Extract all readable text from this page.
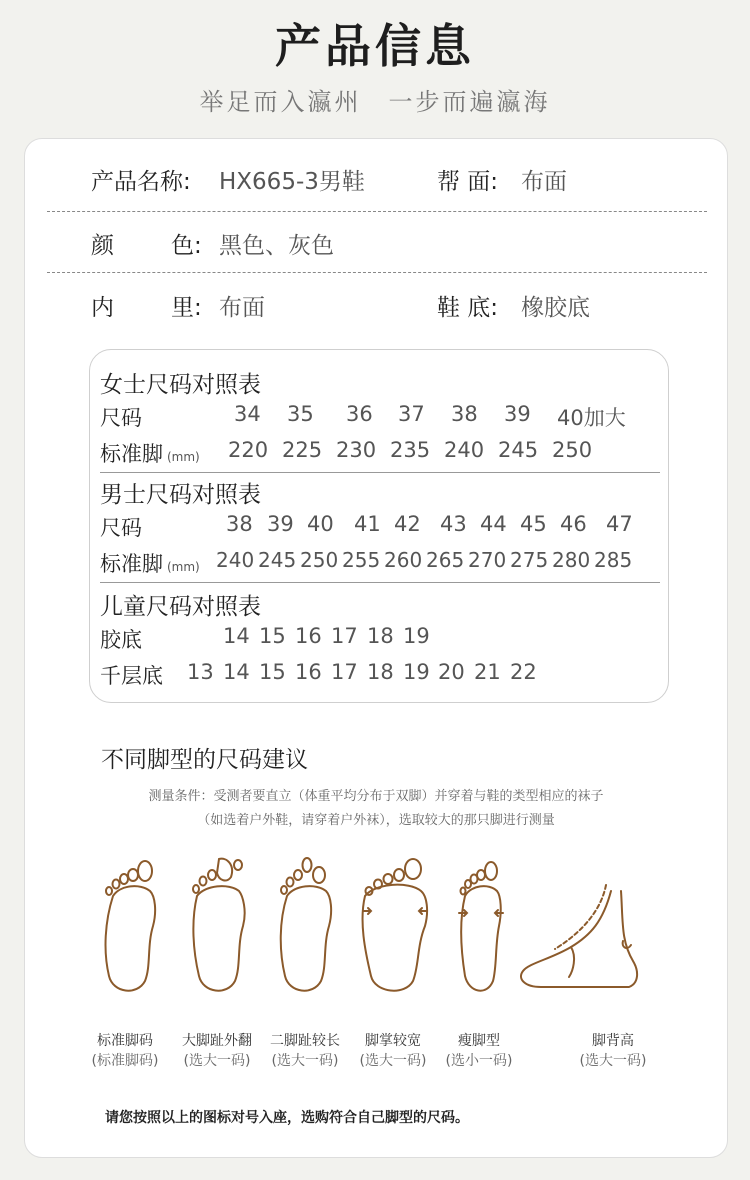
产品信息
举足而入瀛州　一步而遍瀛海
产品名称: HX665-3男鞋	帮 面: 布面
颜 色: 黑色、灰色
内 里: 布面	鞋 底: 橡胶底
女士尺码对照表
尺码	34 35 36 37 38 39 40加大
标准脚 (mm) 220 225 230 235 240 245 250
男士尺码对照表
尺码	38 39 40 41 42 43 44 45 46 47
标准脚 (mm) 240 245 250 255 260 265 270 275 280 285
儿童尺码对照表
胶底	14 15 16 17 18 19
千层底 13 14 15 16 17 18 19 20 21 22
不同脚型的尺码建议
测量条件：受测者要直立（体重平均分布于双脚）并穿着与鞋的类型相应的袜子
（如选着户外鞋，请穿着户外袜），选取较大的那只脚进行测量
标准脚码
(标准脚码)
大脚趾外翻
(选大一码)
二脚趾较长
(选大一码)
脚掌较宽
(选大一码)
瘦脚型
(选小一码)
脚背高
(选大一码)
请您按照以上的图标对号入座，选购符合自己脚型的尺码。
